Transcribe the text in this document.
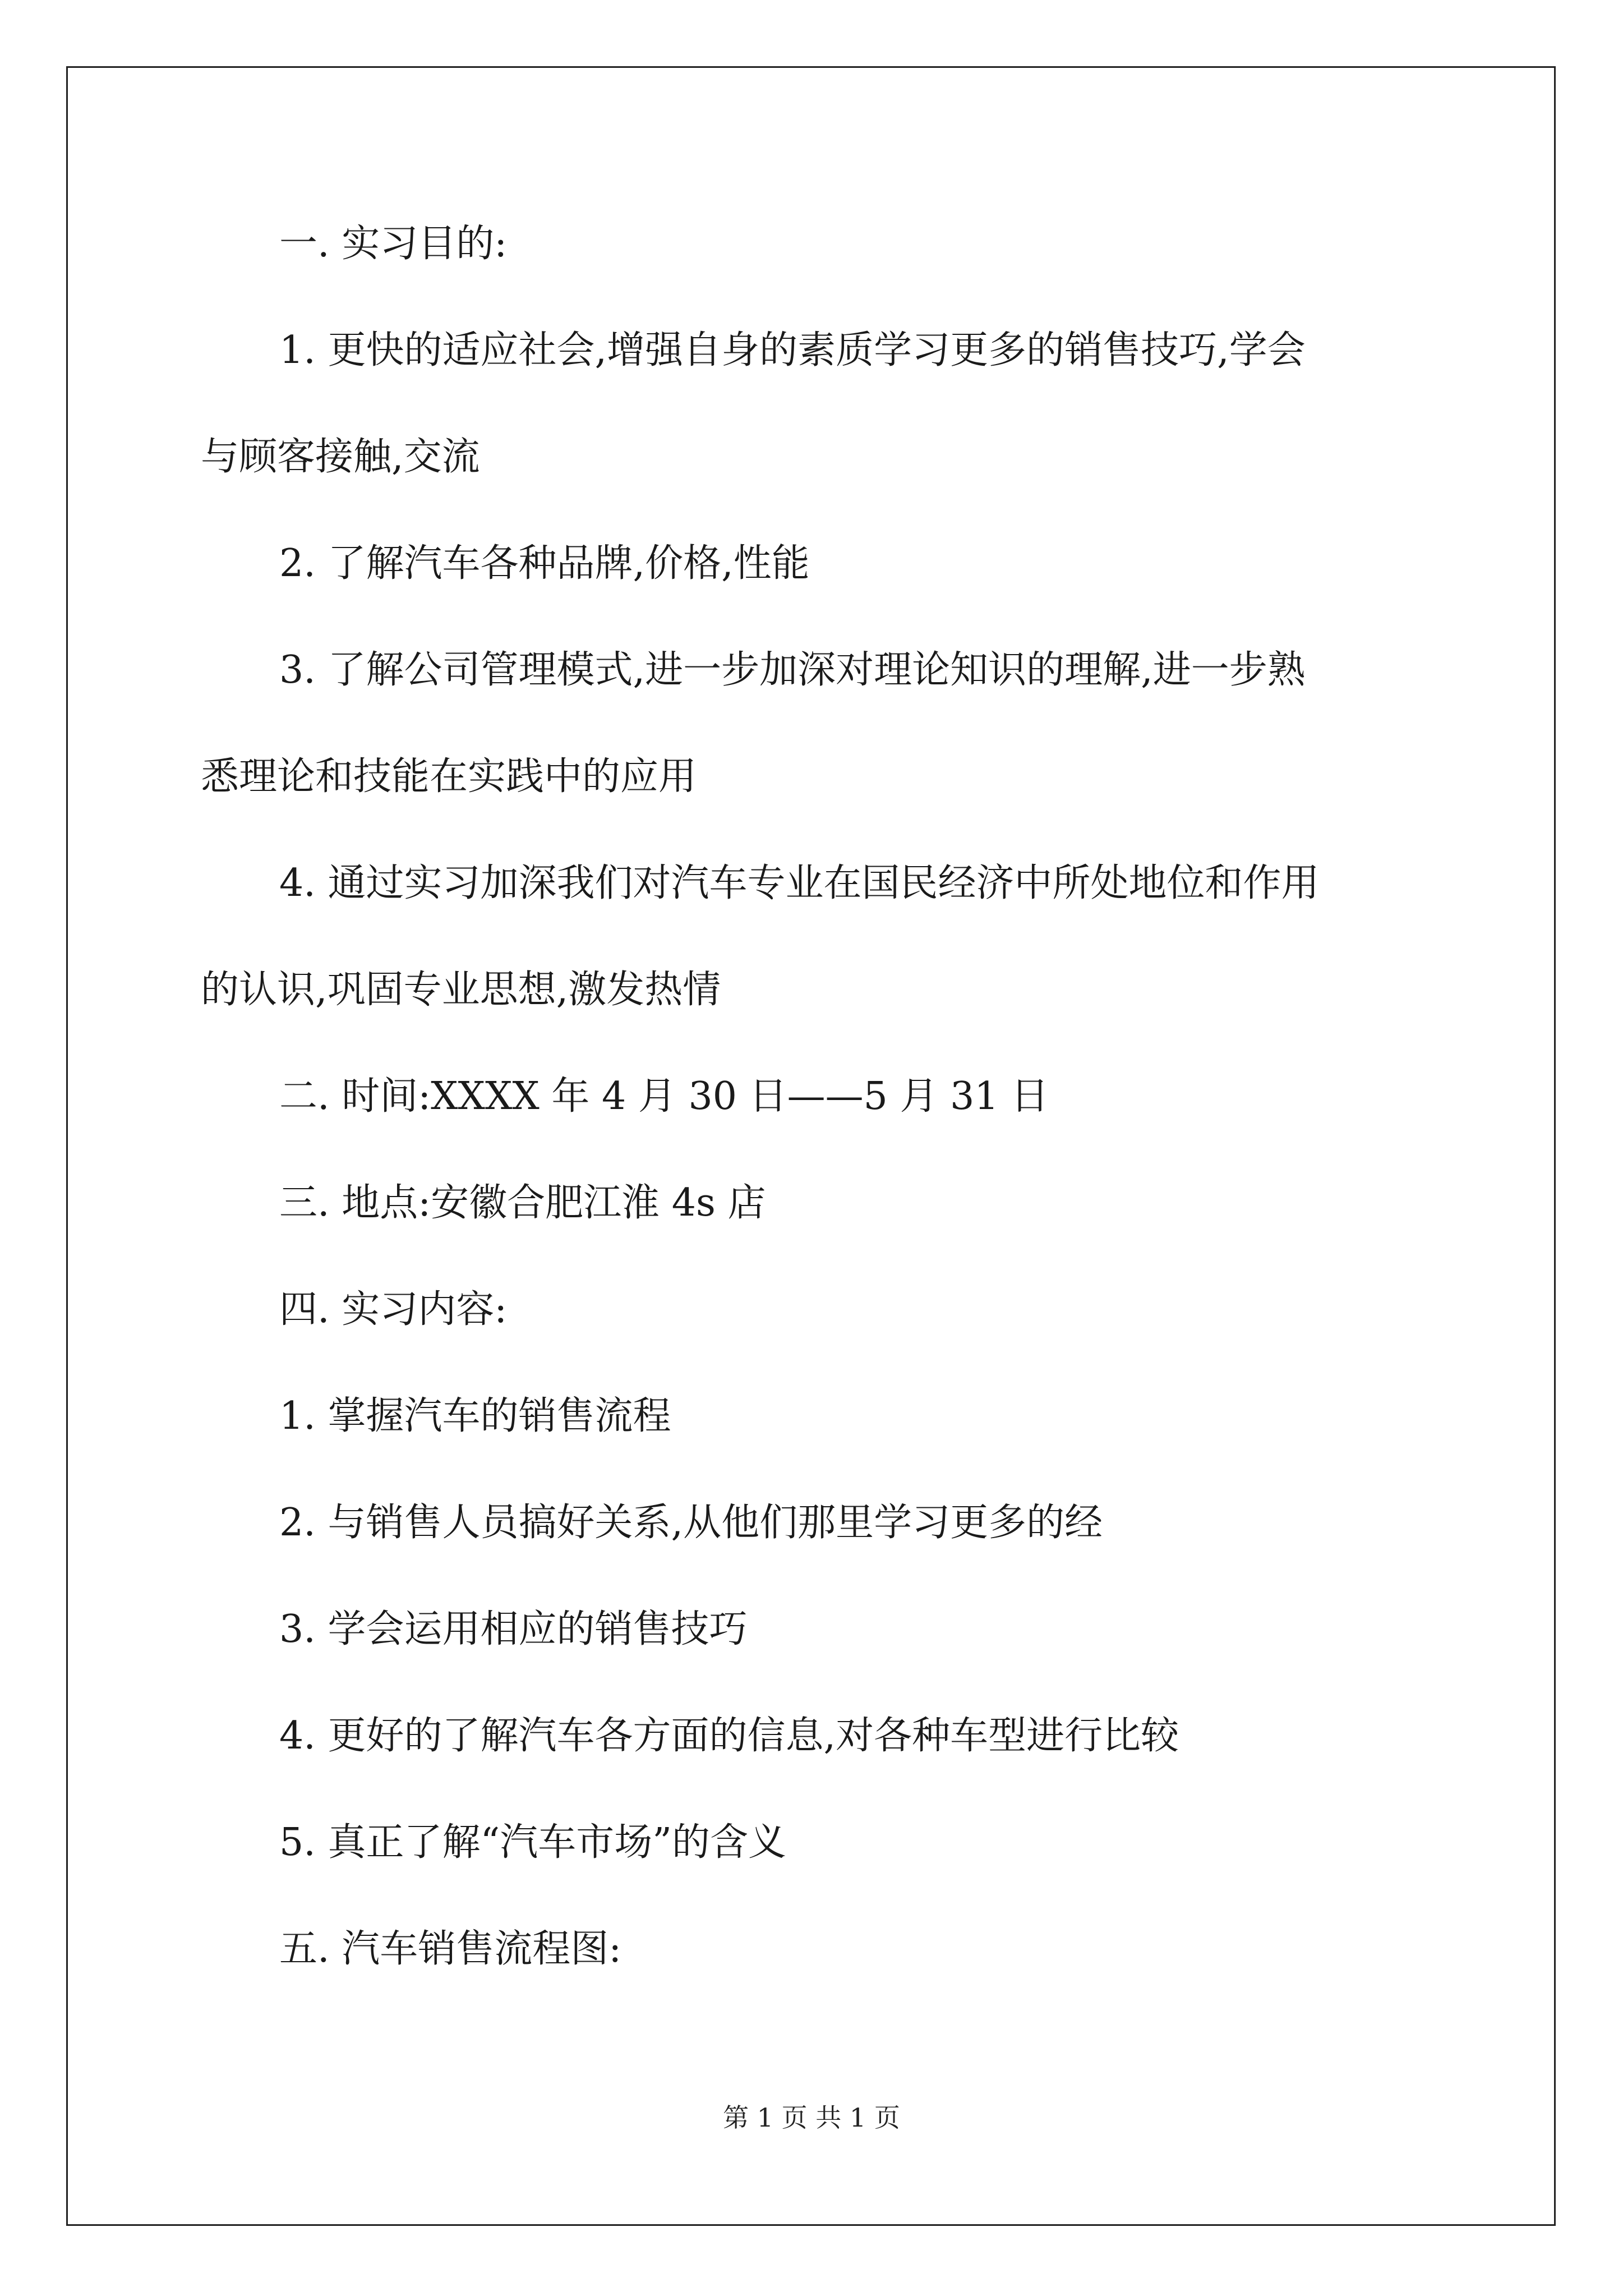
一. 实习目的:

1. 更快的适应社会,增强自身的素质学习更多的销售技巧,学会

与顾客接触,交流

2. 了解汽车各种品牌,价格,性能

3. 了解公司管理模式,进一步加深对理论知识的理解,进一步熟

悉理论和技能在实践中的应用

4. 通过实习加深我们对汽车专业在国民经济中所处地位和作用

的认识,巩固专业思想,激发热情

二. 时间:XXXX 年 4 月 30 日——5 月 31 日

三. 地点:安徽合肥江淮 4s 店

四. 实习内容:

1. 掌握汽车的销售流程

2. 与销售人员搞好关系,从他们那里学习更多的经

3. 学会运用相应的销售技巧

4. 更好的了解汽车各方面的信息,对各种车型进行比较

5. 真正了解“汽车市场”的含义

五. 汽车销售流程图:

第 1 页 共 1 页
